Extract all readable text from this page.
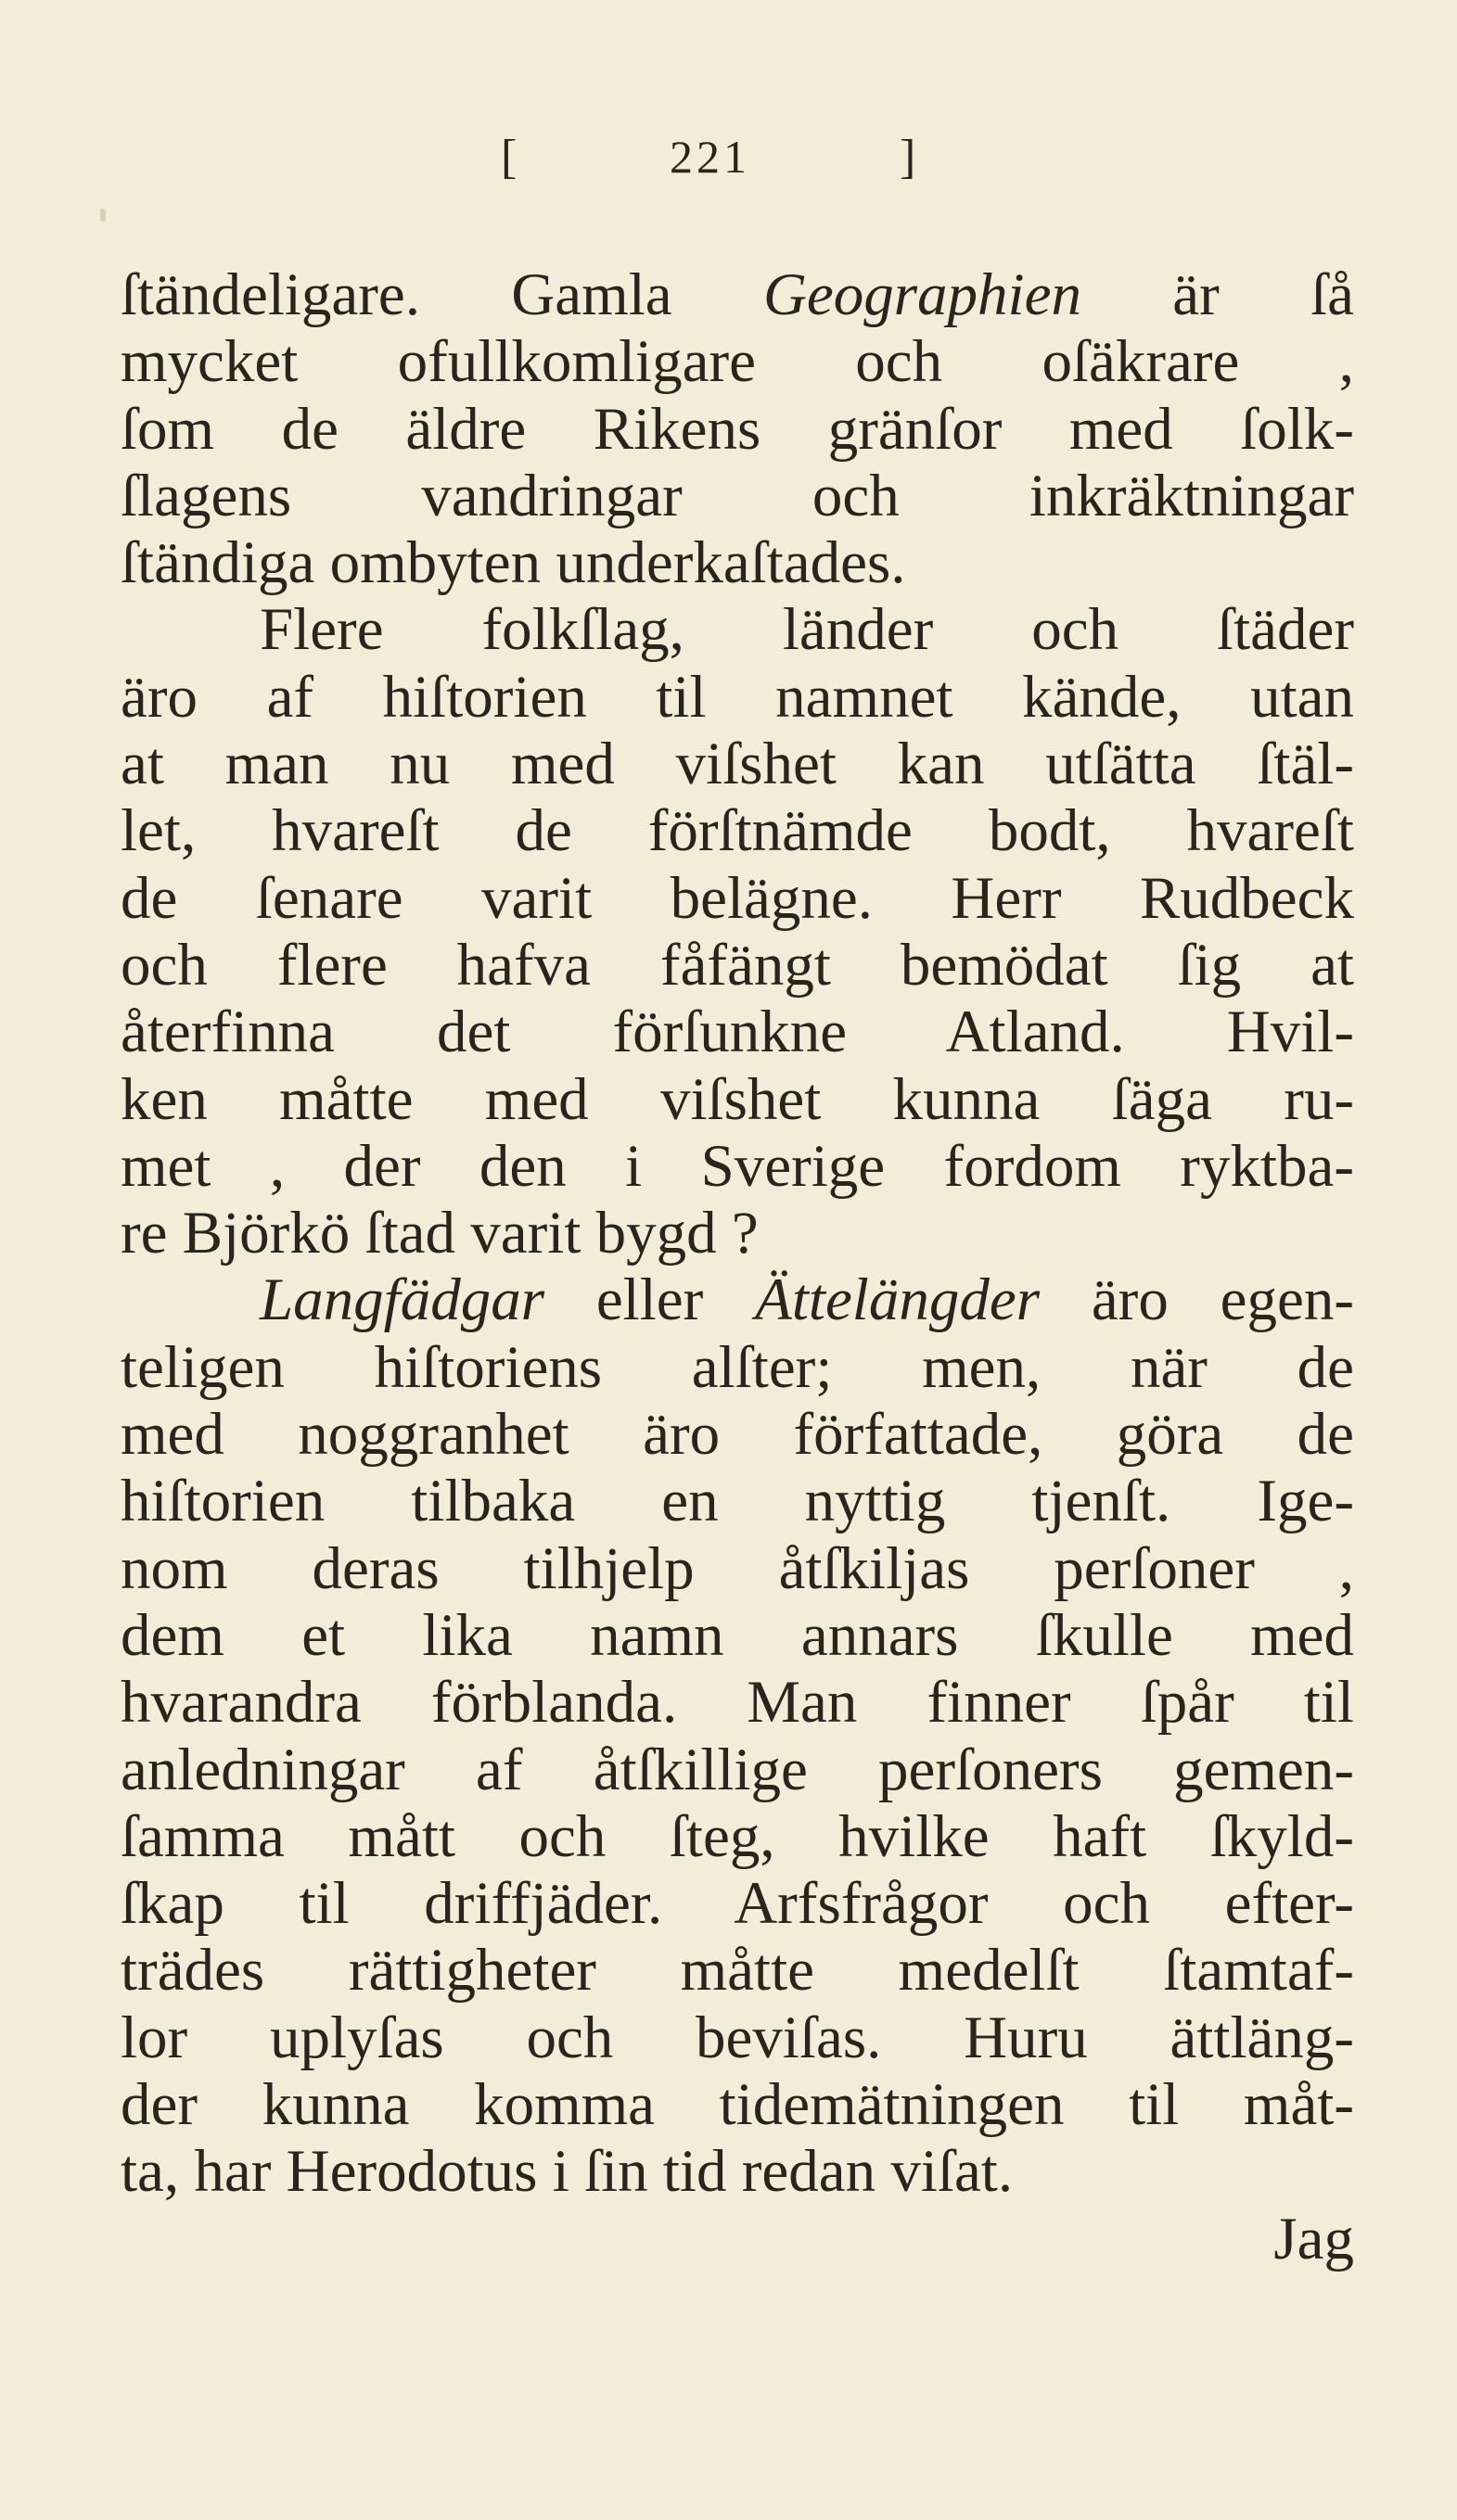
[	221	]
ſtändeligare. Gamla Geographien är ſå
mycket ofullkomligare och oſäkrare ,
ſom de äldre Rikens gränſor med ſolk-
ſlagens vandringar och inkräktningar
ſtändiga ombyten underkaſtades.
Flere folkſlag, länder och ſtäder
äro af hiſtorien til namnet kände, utan
at man nu med viſshet kan utſätta ſtäl-
let, hvareſt de förſtnämde bodt, hvareſt
de ſenare varit belägne. Herr Rudbeck
och flere hafva fåfängt bemödat ſig at
återfinna det förſunkne Atland. Hvil-
ken måtte med viſshet kunna ſäga ru-
met , der den i Sverige fordom ryktba-
re Björkö ſtad varit bygd ?
Langfädgar eller Ättelängder äro egen-
teligen hiſtoriens alſter; men, när de
med noggranhet äro författade, göra de
hiſtorien tilbaka en nyttig tjenſt. Ige-
nom deras tilhjelp åtſkiljas perſoner ,
dem et lika namn annars ſkulle med
hvarandra förblanda. Man finner ſpår til
anledningar af åtſkillige perſoners gemen-
ſamma mått och ſteg, hvilke haft ſkyld-
ſkap til driffjäder. Arfsfrågor och efter-
trädes rättigheter måtte medelſt ſtamtaf-
lor uplyſas och beviſas. Huru ättläng-
der kunna komma tidemätningen til måt-
ta, har Herodotus i ſin tid redan viſat.
Jag
